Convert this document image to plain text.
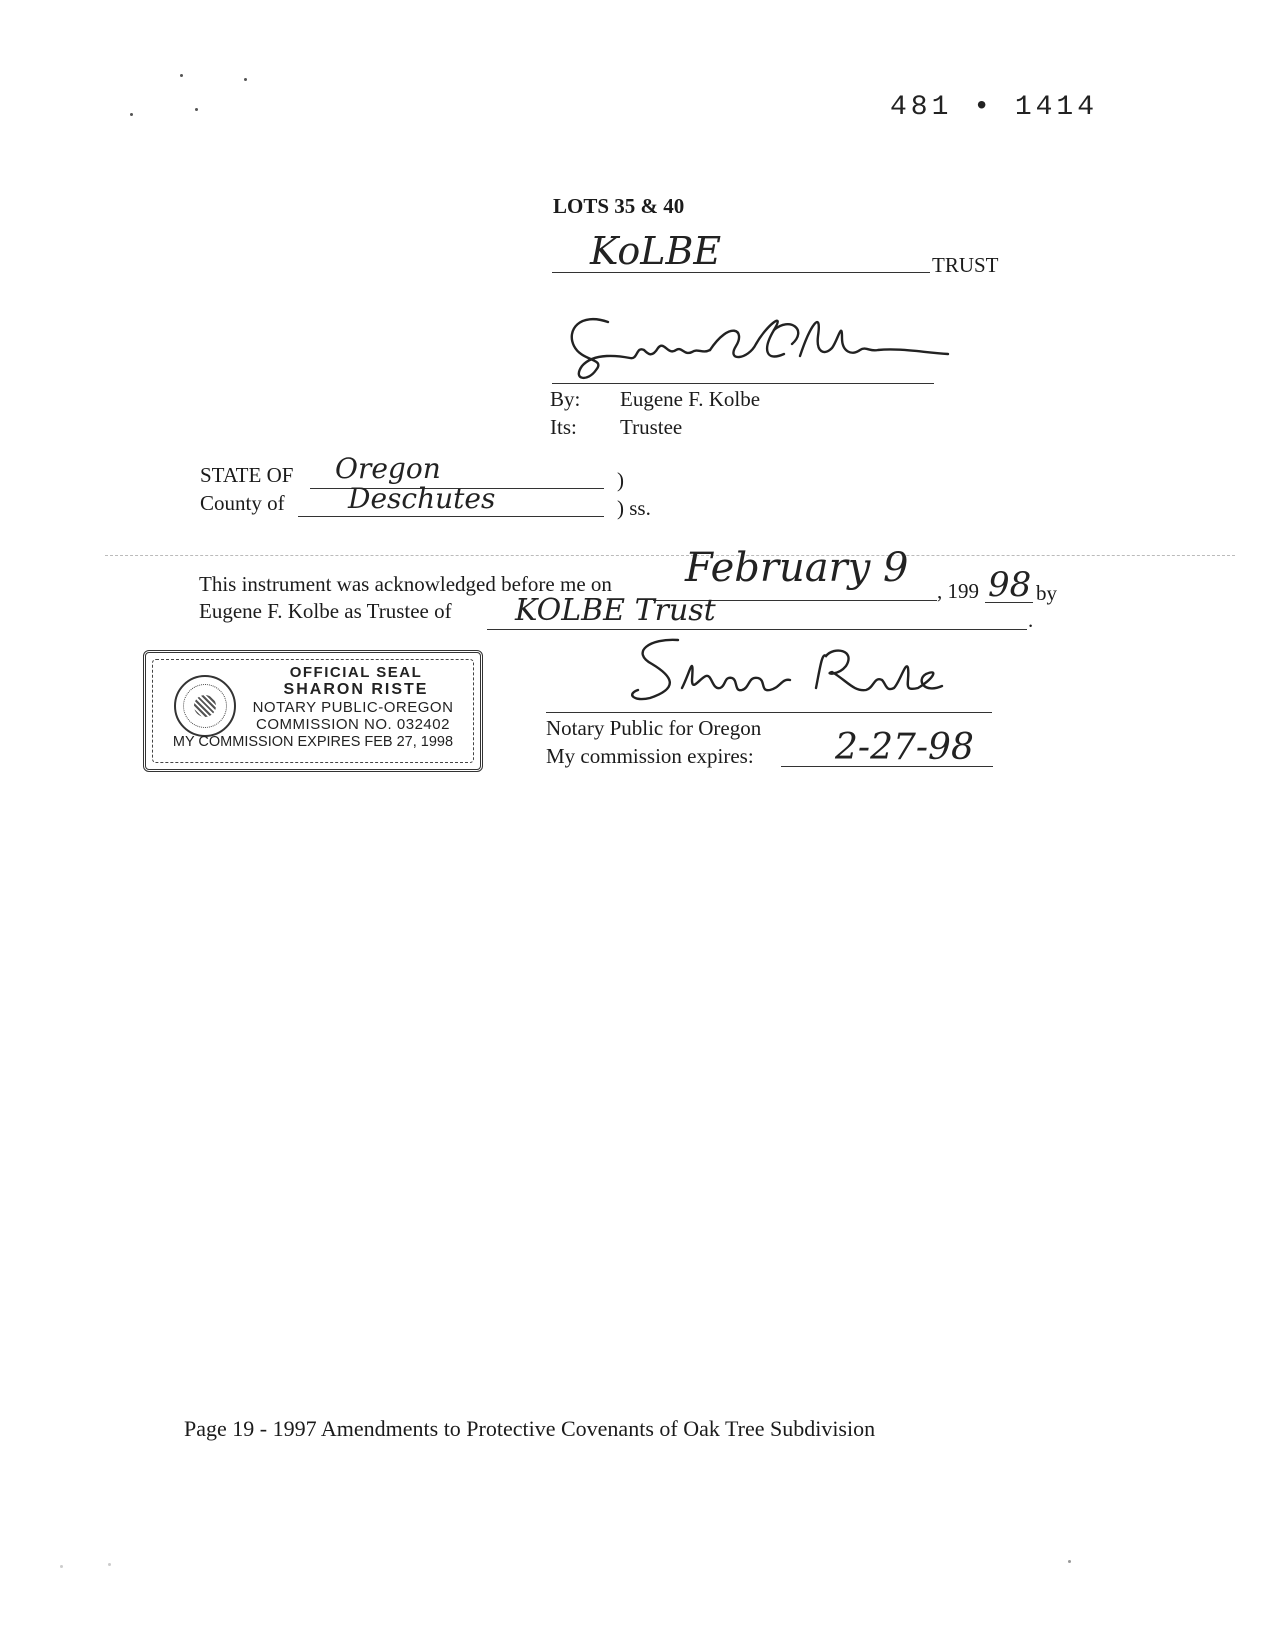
481 • 1414
LOTS 35 & 40
KoLBE	TRUST
By: Eugene F. Kolbe
Its: Trustee
STATE OF Oregon	)
County of Deschutes	) ss.
This instrument was acknowledged before me on February 9 , 199 98 by
Eugene F. Kolbe as Trustee of KOLBE Trust	.
OFFICIAL SEAL
SHARON RISTE
NOTARY PUBLIC-OREGON
COMMISSION NO. 032402
MY COMMISSION EXPIRES FEB 27, 1998
Notary Public for Oregon
My commission expires: 2-27-98
Page 19 - 1997 Amendments to Protective Covenants of Oak Tree Subdivision
